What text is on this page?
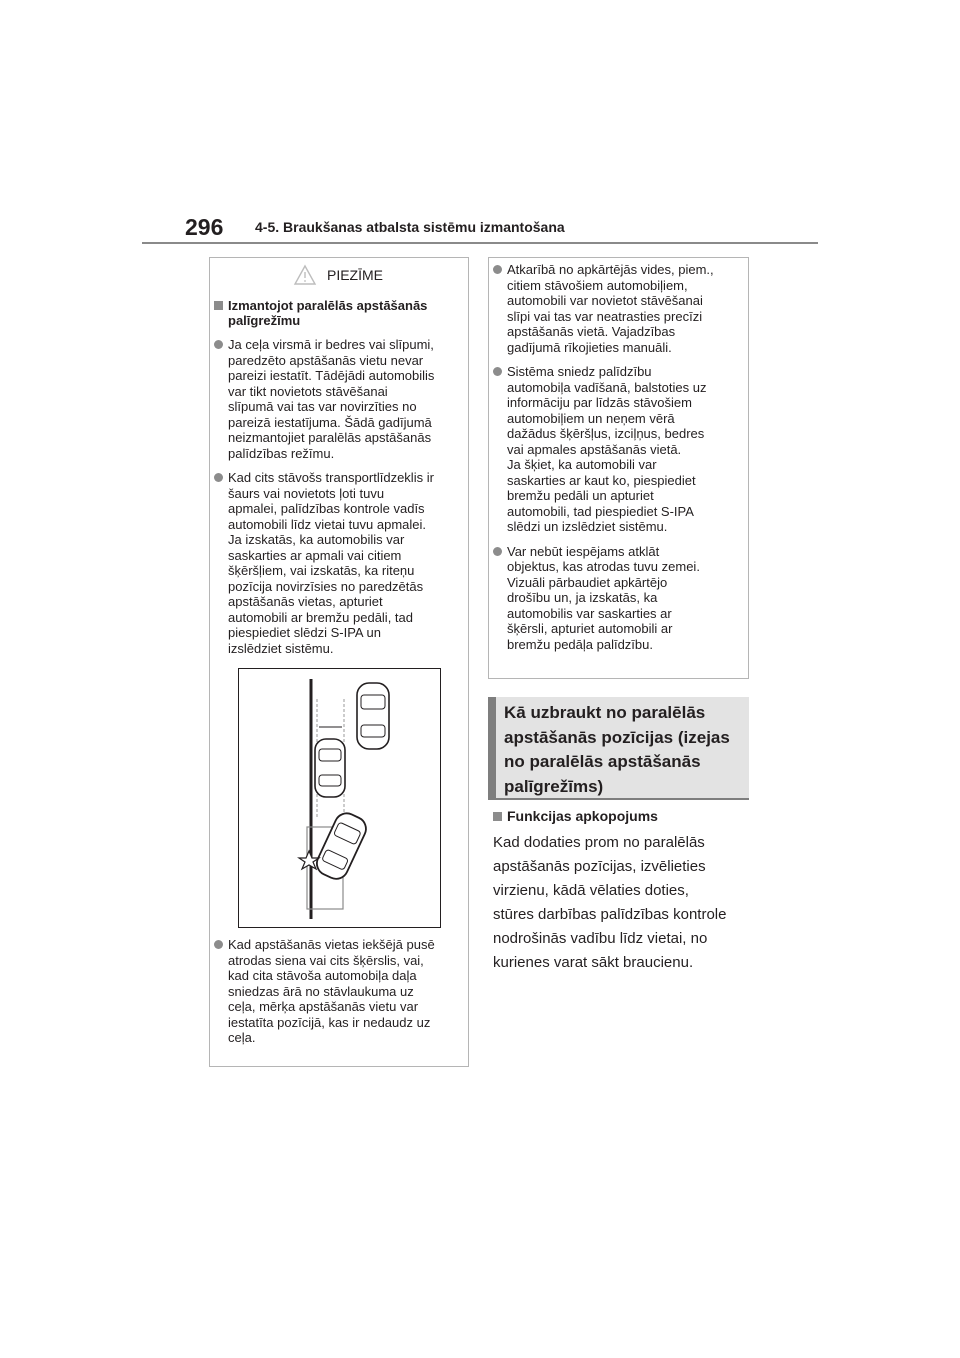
296 4-5. Braukšanas atbalsta sistēmu izmantošana
PIEZĪME
Izmantojot paralēlās apstāšanās
palīgrežīmu
Ja ceļa virsmā ir bedres vai slīpumi,
paredzēto apstāšanās vietu nevar
pareizi iestatīt. Tādējādi automobilis
var tikt novietots stāvēšanai
slīpumā vai tas var novirzīties no
pareizā iestatījuma. Šādā gadījumā
neizmantojiet paralēlās apstāšanās
palīdzības režīmu.
Kad cits stāvošs transportlīdzeklis ir
šaurs vai novietots ļoti tuvu
apmalei, palīdzības kontrole vadīs
automobili līdz vietai tuvu apmalei.
Ja izskatās, ka automobilis var
saskarties ar apmali vai citiem
šķēršļiem, vai izskatās, ka riteņu
pozīcija novirzīsies no paredzētās
apstāšanās vietas, apturiet
automobili ar bremžu pedāli, tad
piespiediet slēdzi S-IPA un
izslēdziet sistēmu.
Kad apstāšanās vietas iekšējā pusē
atrodas siena vai cits šķērslis, vai,
kad cita stāvoša automobiļa daļa
sniedzas ārā no stāvlaukuma uz
ceļa, mērķa apstāšanās vietu var
iestatīta pozīcijā, kas ir nedaudz uz
ceļa.
Atkarībā no apkārtējās vides, piem.,
citiem stāvošiem automobiļiem,
automobili var novietot stāvēšanai
slīpi vai tas var neatrasties precīzi
apstāšanās vietā. Vajadzības
gadījumā rīkojieties manuāli.
Sistēma sniedz palīdzību
automobiļa vadīšanā, balstoties uz
informāciju par līdzās stāvošiem
automobiļiem un neņem vērā
dažādus šķēršļus, izciļņus, bedres
vai apmales apstāšanās vietā.
Ja šķiet, ka automobili var
saskarties ar kaut ko, piespiediet
bremžu pedāli un apturiet
automobili, tad piespiediet S-IPA
slēdzi un izslēdziet sistēmu.
Var nebūt iespējams atklāt
objektus, kas atrodas tuvu zemei.
Vizuāli pārbaudiet apkārtējo
drošību un, ja izskatās, ka
automobilis var saskarties ar
šķērsli, apturiet automobili ar
bremžu pedāļa palīdzību.
Kā uzbraukt no paralēlās
apstāšanās pozīcijas (izejas
no paralēlās apstāšanās
palīgrežīms)
Funkcijas apkopojums
Kad dodaties prom no paralēlās
apstāšanās pozīcijas, izvēlieties
virzienu, kādā vēlaties doties,
stūres darbības palīdzības kontrole
nodrošinās vadību līdz vietai, no
kurienes varat sākt braucienu.
